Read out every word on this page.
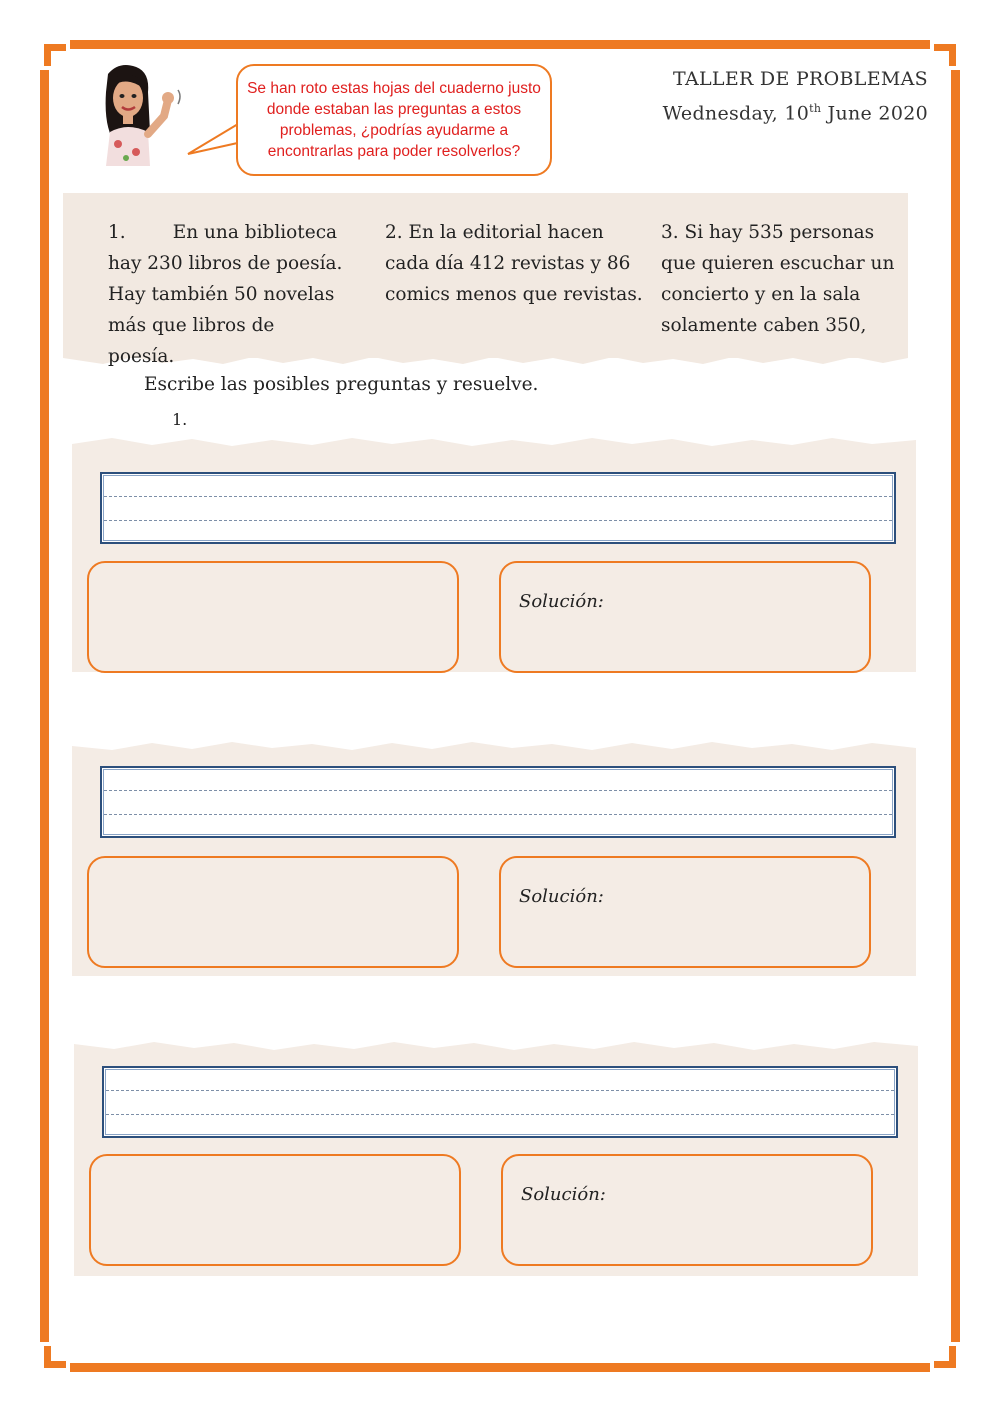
Se han roto estas hojas del cuaderno justo donde estaban las preguntas a estos problemas, ¿podrías ayudarme a encontrarlas para poder resolverlos?
TALLER DE PROBLEMAS
Wednesday, 10th June 2020
1.        En una biblioteca hay 230 libros de poesía. Hay también 50 novelas más que libros de poesía.
2. En la editorial hacen cada día 412 revistas y 86 comics menos que revistas.
3. Si hay 535 personas que quieren escuchar un concierto y en la sala solamente caben 350,
Escribe las posibles preguntas y resuelve.
1.
Solución:
Solución:
Solución:
